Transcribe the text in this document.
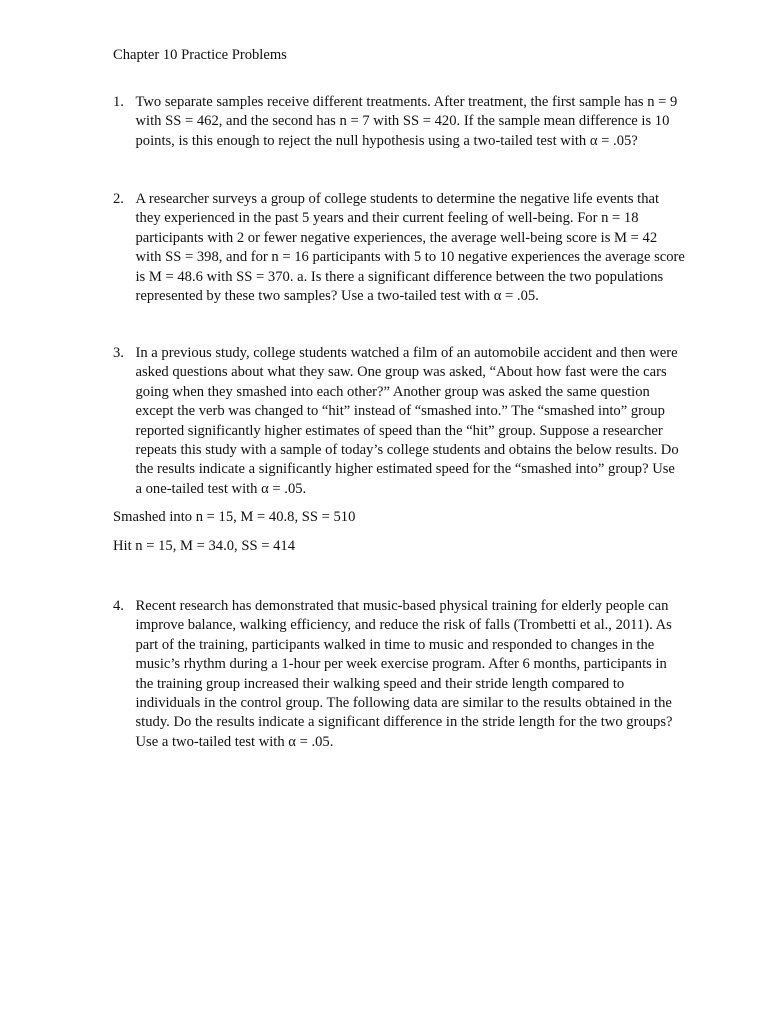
Chapter 10 Practice Problems
1. Two separate samples receive different treatments. After treatment, the first sample has n = 9 with SS = 462, and the second has n = 7 with SS = 420. If the sample mean difference is 10 points, is this enough to reject the null hypothesis using a two-tailed test with α = .05?
2. A researcher surveys a group of college students to determine the negative life events that they experienced in the past 5 years and their current feeling of well-being. For n = 18 participants with 2 or fewer negative experiences, the average well-being score is M = 42 with SS = 398, and for n = 16 participants with 5 to 10 negative experiences the average score is M = 48.6 with SS = 370. a. Is there a significant difference between the two populations represented by these two samples? Use a two-tailed test with α = .05.
3. In a previous study, college students watched a film of an automobile accident and then were asked questions about what they saw. One group was asked, “About how fast were the cars going when they smashed into each other?” Another group was asked the same question except the verb was changed to “hit” instead of “smashed into.” The “smashed into” group reported significantly higher estimates of speed than the “hit” group. Suppose a researcher repeats this study with a sample of today’s college students and obtains the below results. Do the results indicate a significantly higher estimated speed for the “smashed into” group? Use a one-tailed test with α = .05.
Smashed into n = 15, M = 40.8, SS = 510
Hit n = 15, M = 34.0, SS = 414
4. Recent research has demonstrated that music-based physical training for elderly people can improve balance, walking efficiency, and reduce the risk of falls (Trombetti et al., 2011). As part of the training, participants walked in time to music and responded to changes in the music’s rhythm during a 1-hour per week exercise program. After 6 months, participants in the training group increased their walking speed and their stride length compared to individuals in the control group. The following data are similar to the results obtained in the study. Do the results indicate a significant difference in the stride length for the two groups? Use a two-tailed test with α = .05.
